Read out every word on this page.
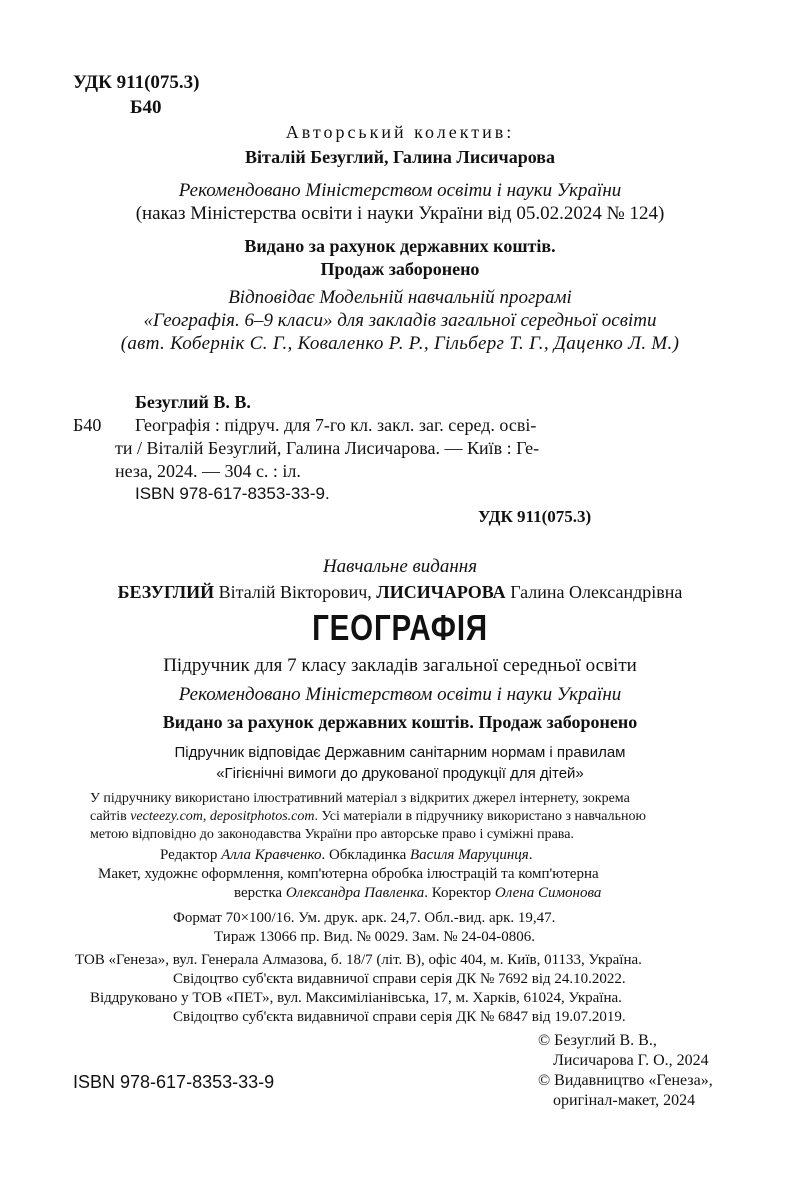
УДК 911(075.3)
Б40
Авторський колектив:
Віталій Безуглий, Галина Лисичарова
Рекомендовано Міністерством освіти і науки України
(наказ Міністерства освіти і науки України від 05.02.2024 № 124)
Видано за рахунок державних коштів.
Продаж заборонено
Відповідає Модельній навчальній програмі
«Географія. 6–9 класи» для закладів загальної середньої освіти
(авт. Кобернік С. Г., Коваленко Р. Р., Гільберг Т. Г., Даценко Л. М.)
Безуглий В. В.
Б40 Географія : підруч. для 7-го кл. закл. заг. серед. осві-
ти / Віталій Безуглий, Галина Лисичарова. — Київ : Ге-
неза, 2024. — 304 с. : іл.
ISBN 978-617-8353-33-9.
УДК 911(075.3)
Навчальне видання
БЕЗУГЛИЙ Віталій Вікторович, ЛИСИЧАРОВА Галина Олександрівна
ГЕОГРАФІЯ
Підручник для 7 класу закладів загальної середньої освіти
Рекомендовано Міністерством освіти і науки України
Видано за рахунок державних коштів. Продаж заборонено
Підручник відповідає Державним санітарним нормам і правилам
«Гігієнічні вимоги до друкованої продукції для дітей»
У підручнику використано ілюстративний матеріал з відкритих джерел інтернету, зокрема
сайтів vecteezy.com, depositphotos.com. Усі матеріали в підручнику використано з навчальною
метою відповідно до законодавства України про авторське право і суміжні права.
Редактор Алла Кравченко. Обкладинка Василя Маруцинця.
Макет, художнє оформлення, комп'ютерна обробка ілюстрацій та комп'ютерна
верстка Олександра Павленка. Коректор Олена Симонова
Формат 70×100/16. Ум. друк. арк. 24,7. Обл.-вид. арк. 19,47.
Тираж 13066 пр. Вид. № 0029. Зам. № 24-04-0806.
ТОВ «Генеза», вул. Генерала Алмазова, б. 18/7 (літ. В), офіс 404, м. Київ, 01133, Україна.
Свідоцтво суб'єкта видавничої справи серія ДК № 7692 від 24.10.2022.
Віддруковано у ТОВ «ПЕТ», вул. Максиміліанівська, 17, м. Харків, 61024, Україна.
Свідоцтво суб'єкта видавничої справи серія ДК № 6847 від 19.07.2019.
© Безуглий В. В.,
Лисичарова Г. О., 2024
ISBN 978-617-8353-33-9	© Видавництво «Генеза»,
оригінал-макет, 2024
